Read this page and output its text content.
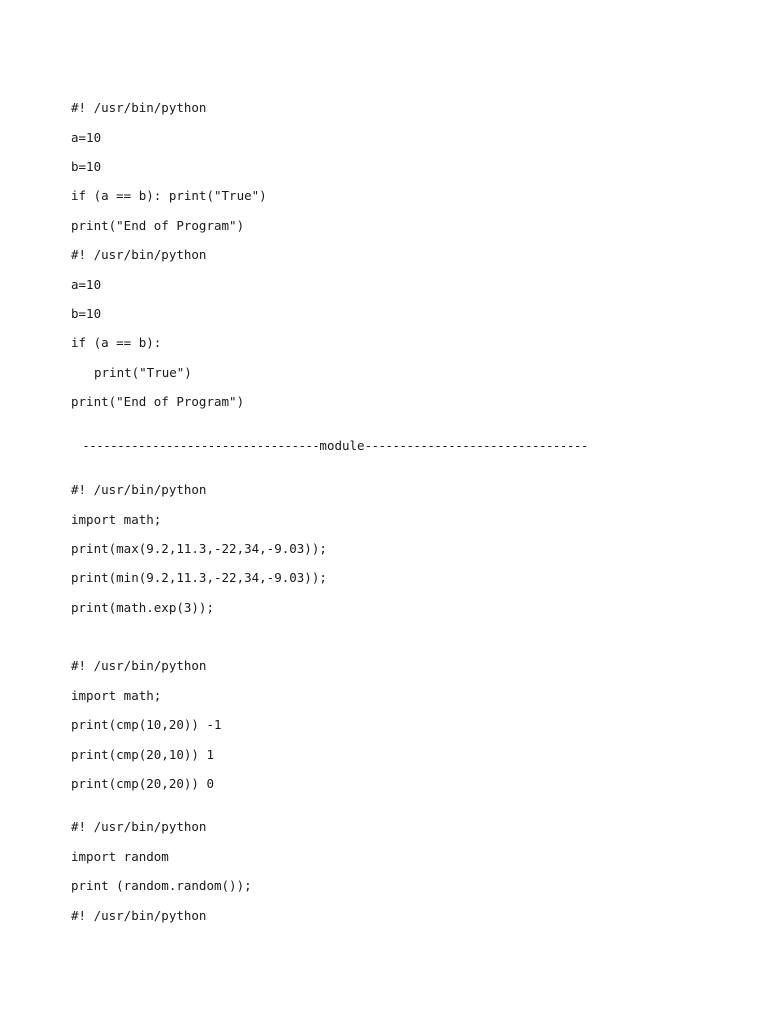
#! /usr/bin/python

a=10

b=10

if (a == b): print("True")

print("End of Program")

#! /usr/bin/python

a=10

b=10

if (a == b):

print("True")

print("End of Program")

---------------------------------- module --------------------------------

#! /usr/bin/python

import math;

print(max(9.2,11.3,-22,34,-9.03));

print(min(9.2,11.3,-22,34,-9.03));

print(math.exp(3));

#! /usr/bin/python

import math;

print(cmp(10,20)) -1

print(cmp(20,10)) 1

print(cmp(20,20)) 0

#! /usr/bin/python

import random

print (random.random());

#! /usr/bin/python
